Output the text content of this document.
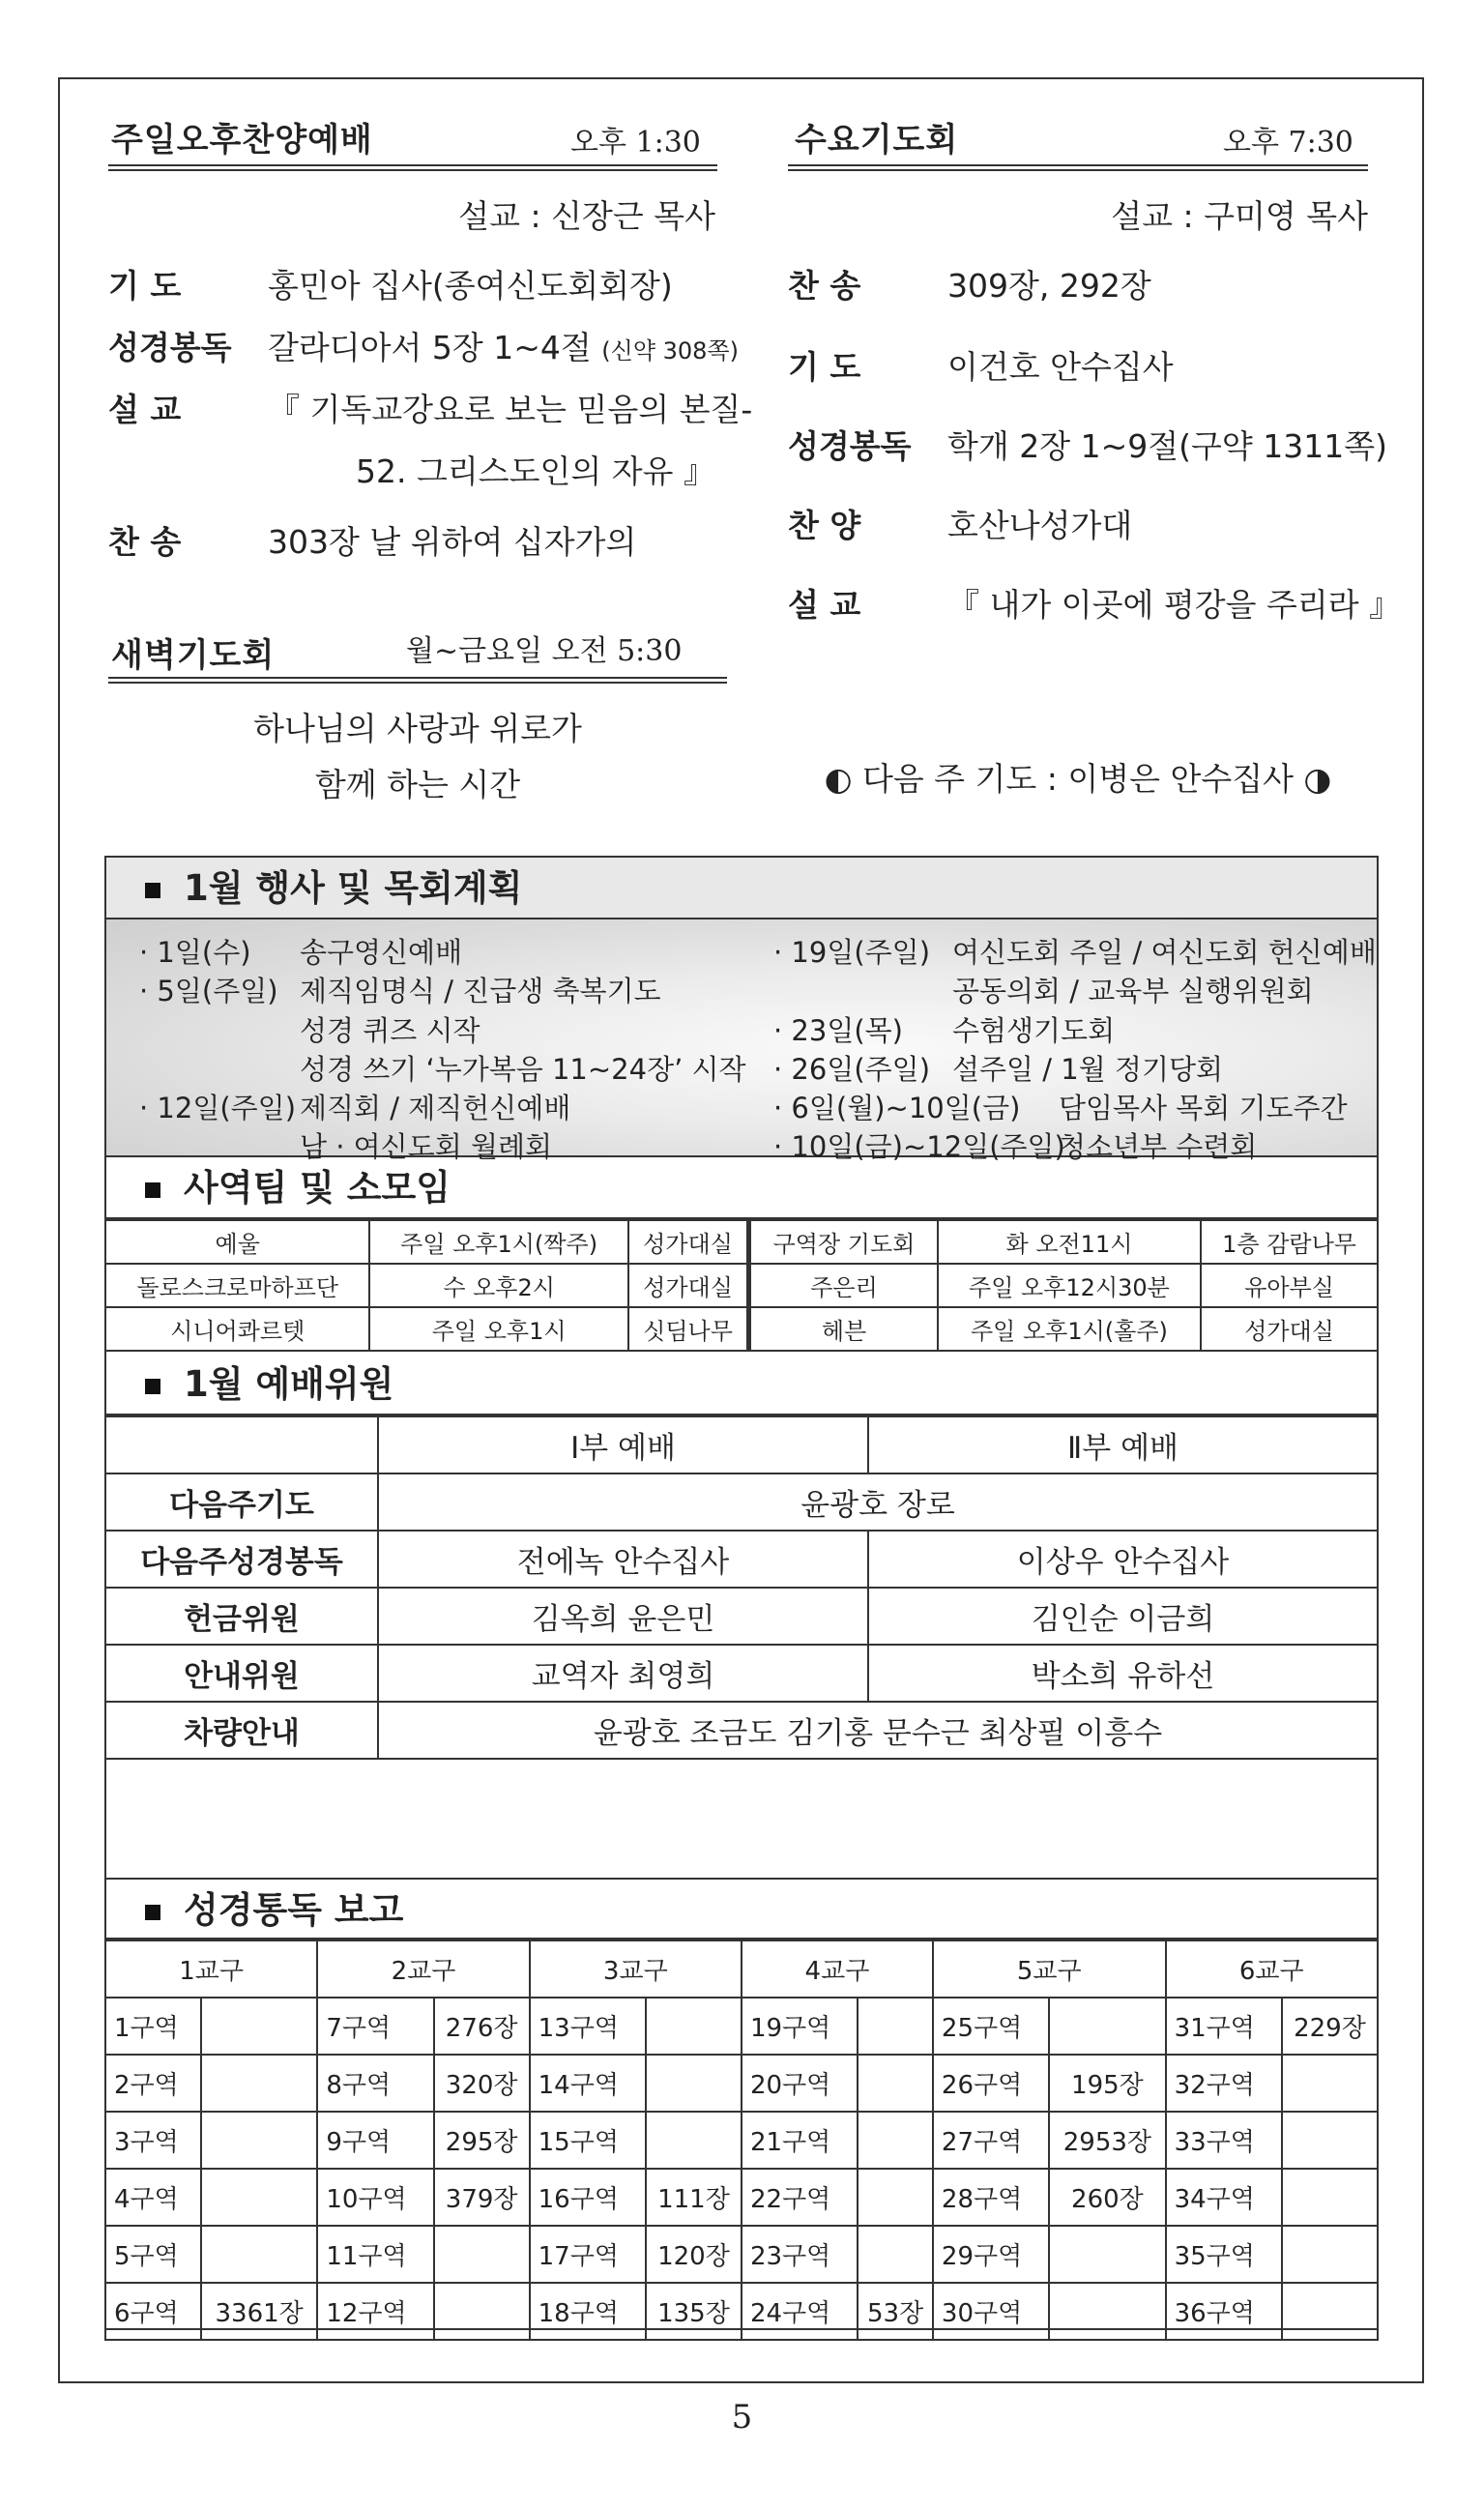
주일오후찬양예배	오후 1:30
설교 : 신장근 목사
기 도	홍민아 집사(종여신도회회장)
성경봉독 갈라디아서 5장 1~4절 (신약 308쪽)
설 교	『 기독교강요로 보는 믿음의 본질-
52. 그리스도인의 자유 』
찬 송	303장 날 위하여 십자가의
새벽기도회	월~금요일 오전 5:30
하나님의 사랑과 위로가
함께 하는 시간
수요기도회	오후 7:30
설교 : 구미영 목사
찬 송	309장, 292장
기 도	이건호 안수집사
성경봉독 학개 2장 1~9절(구약 1311쪽)
찬 양	호산나성가대
설 교	『 내가 이곳에 평강을 주리라 』
◐ 다음 주 기도 : 이병은 안수집사 ◑
1월 행사 및 목회계획
· 1일(수) 송구영신예배
· 5일(주일) 제직임명식 / 진급생 축복기도
성경 퀴즈 시작
성경 쓰기 ‘누가복음 11~24장’ 시작
· 12일(주일) 제직회 / 제직헌신예배
남 · 여신도회 월례회
· 19일(주일) 여신도회 주일 / 여신도회 헌신예배
공동의회 / 교육부 실행위원회
· 23일(목) 수험생기도회
· 26일(주일) 설주일 / 1월 정기당회
· 6일(월)~10일(금) 담임목사 목회 기도주간
· 10일(금)~12일(주일)
청소년부 수련회
사역팀 및 소모임
예울	주일 오후1시(짝주)	성가대실	구역장 기도회	화 오전11시	1층 감람나무
돌로스크로마하프단	수 오후2시	성가대실	주은리	주일 오후12시30분	유아부실
시니어콰르텟	주일 오후1시	싯딤나무	헤븐	주일 오후1시(홀주)	성가대실
1월 예배위원
	Ⅰ부 예배	Ⅱ부 예배
다음주기도	윤광호 장로	
다음주성경봉독	전에녹 안수집사	이상우 안수집사
헌금위원	김옥희 윤은민	김인순 이금희
안내위원	교역자 최영희	박소희 유하선
차량안내	윤광호 조금도 김기홍 문수근 최상필 이흥수	
성경통독 보고
1교구		2교구		3교구		4교구		5교구		6교구	
1구역		7구역	276장	13구역		19구역		25구역		31구역	229장
2구역		8구역	320장	14구역		20구역		26구역	195장	32구역	
3구역		9구역	295장	15구역		21구역		27구역	2953장	33구역	
4구역		10구역	379장	16구역	111장	22구역		28구역	260장	34구역	
5구역		11구역		17구역	120장	23구역		29구역		35구역	
6구역	3361장	12구역		18구역	135장	24구역	53장	30구역		36구역	
5
